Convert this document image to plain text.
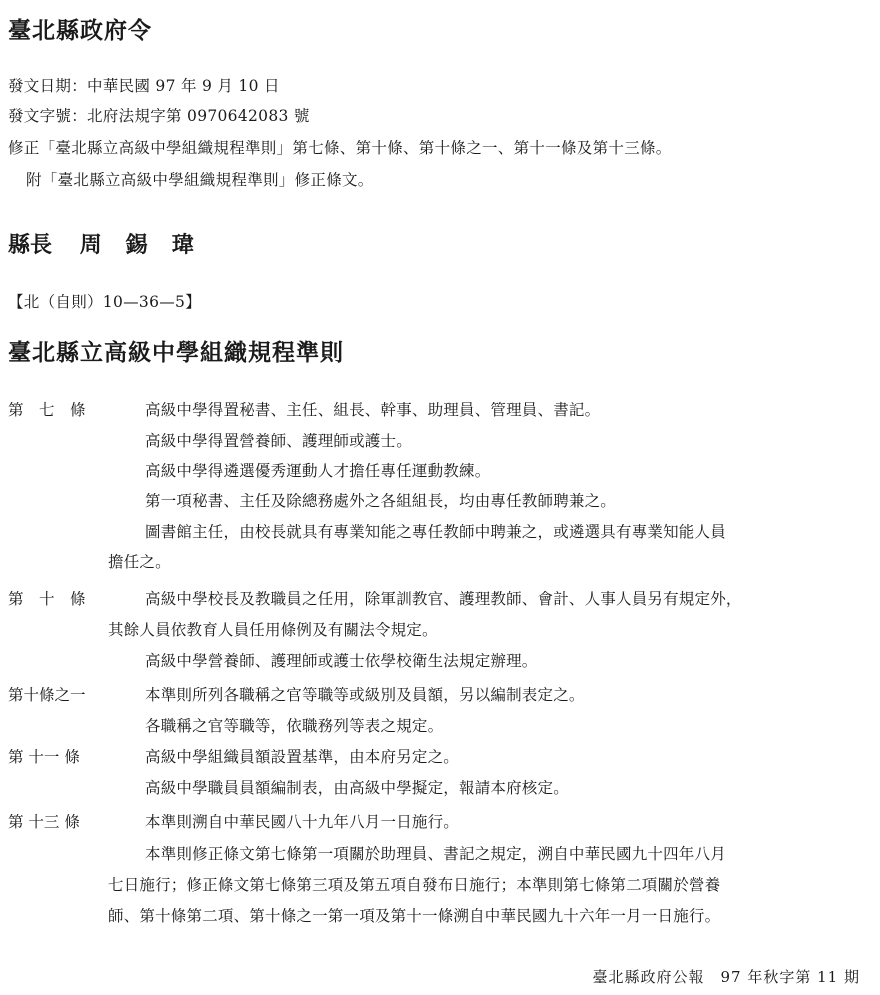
臺北縣政府令
發文日期：中華民國 97 年 9 月 10 日
發文字號：北府法規字第 0970642083 號
修正「臺北縣立高級中學組織規程準則」第七條、第十條、第十條之一、第十一條及第十三條。
附「臺北縣立高級中學組織規程準則」修正條文。
縣長 周錫瑋
【北（自則）10—36—5】
臺北縣立高級中學組織規程準則
第　七　條	高級中學得置秘書、主任、組長、幹事、助理員、管理員、書記。
高級中學得置營養師、護理師或護士。
高級中學得遴選優秀運動人才擔任專任運動教練。
第一項秘書、主任及除總務處外之各組組長，均由專任教師聘兼之。
圖書館主任，由校長就具有專業知能之專任教師中聘兼之，或遴選具有專業知能人員
擔任之。
第　十　條	高級中學校長及教職員之任用，除軍訓教官、護理教師、會計、人事人員另有規定外，
其餘人員依教育人員任用條例及有關法令規定。
高級中學營養師、護理師或護士依學校衛生法規定辦理。
第十條之一	本準則所列各職稱之官等職等或級別及員額，另以編制表定之。
各職稱之官等職等，依職務列等表之規定。
第 十一 條	高級中學組織員額設置基準，由本府另定之。
高級中學職員員額編制表，由高級中學擬定，報請本府核定。
第 十三 條	本準則溯自中華民國八十九年八月一日施行。
本準則修正條文第七條第一項關於助理員、書記之規定，溯自中華民國九十四年八月
七日施行；修正條文第七條第三項及第五項自發布日施行；本準則第七條第二項關於營養
師、第十條第二項、第十條之一第一項及第十一條溯自中華民國九十六年一月一日施行。
臺北縣政府公報　97 年秋字第 11 期
